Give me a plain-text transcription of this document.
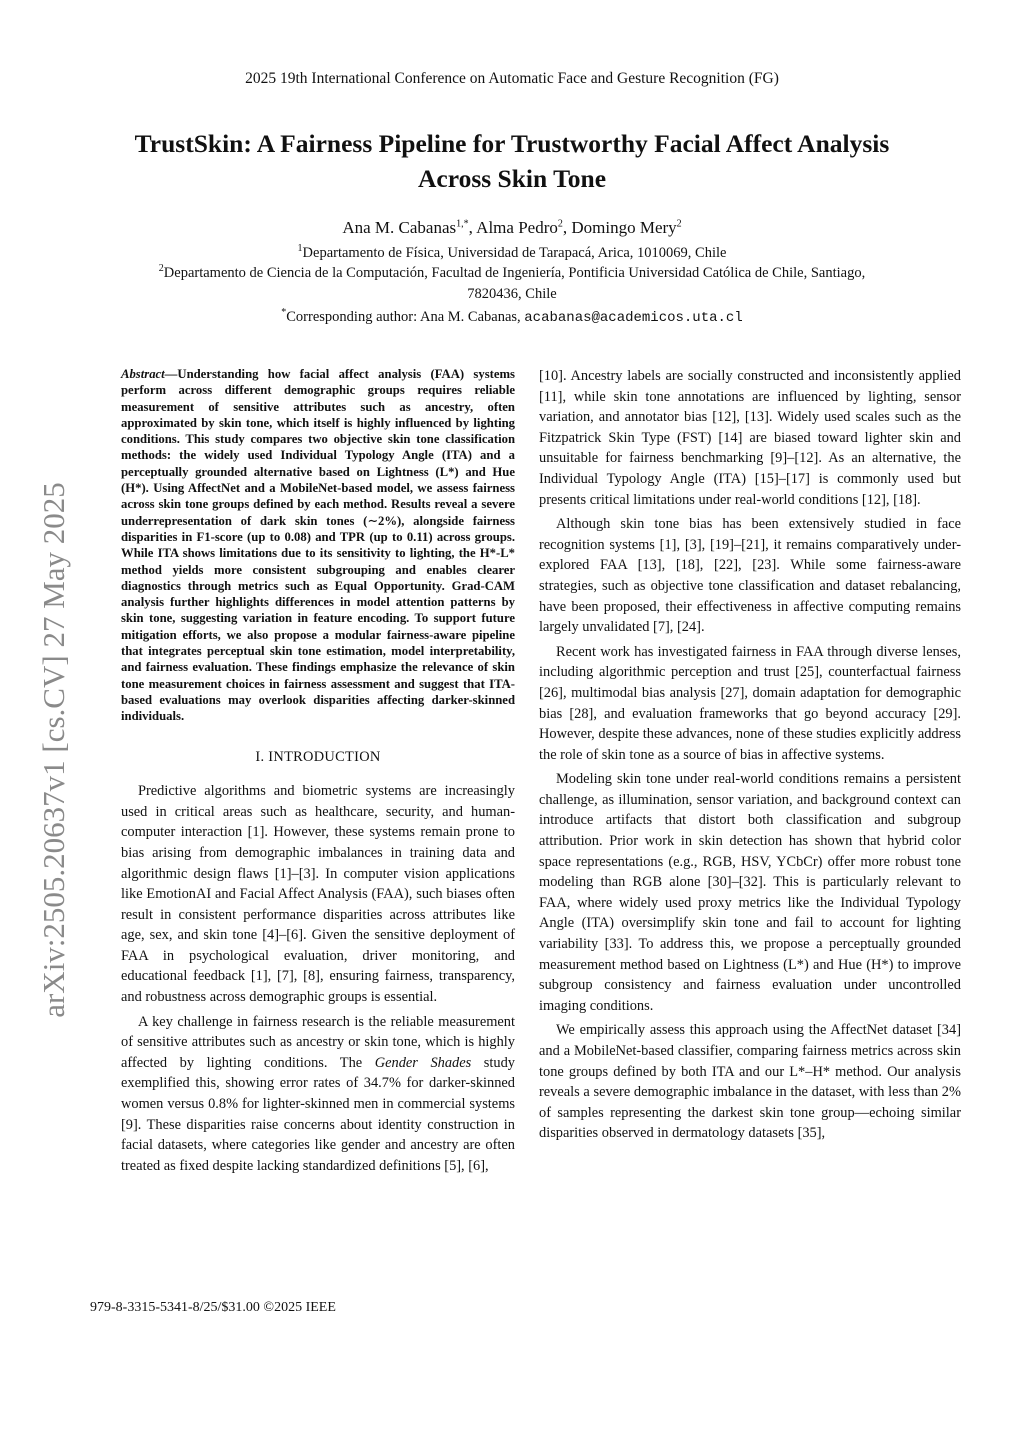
2025 19th International Conference on Automatic Face and Gesture Recognition (FG)
TrustSkin: A Fairness Pipeline for Trustworthy Facial Affect Analysis
Across Skin Tone
Ana M. Cabanas$^{1,*}$, Alma Pedro$^2$, Domingo Mery$^2$
$^1$Departamento de Física, Universidad de Tarapacá, Arica, 1010069, Chile
$^2$Departamento de Ciencia de la Computación, Facultad de Ingeniería, Pontificia Universidad Católica de Chile, Santiago, 7820436, Chile
*Corresponding author: Ana M. Cabanas, acabanas@academicos.uta.cl
arXiv:2505.20637v1 [cs.CV] 27 May 2025

Abstract—Understanding how facial affect analysis (FAA) systems perform across different demographic groups requires reliable measurement of sensitive attributes such as ancestry, often approximated by skin tone, which itself is highly influenced by lighting conditions. This study compares two objective skin tone classification methods: the widely used Individual Typology Angle (ITA) and a perceptually grounded alternative based on Lightness (L*) and Hue (H*). Using AffectNet and a MobileNet-based model, we assess fairness across skin tone groups defined by each method. Results reveal a severe underrepresentation of dark skin tones (∼2%), alongside fairness disparities in F1-score (up to 0.08) and TPR (up to 0.11) across groups. While ITA shows limitations due to its sensitivity to lighting, the H*-L* method yields more consistent subgrouping and enables clearer diagnostics through metrics such as Equal Opportunity. Grad-CAM analysis further highlights differences in model attention patterns by skin tone, suggesting variation in feature encoding. To support future mitigation efforts, we also propose a modular fairness-aware pipeline that integrates perceptual skin tone estimation, model interpretability, and fairness evaluation. These findings emphasize the relevance of skin tone measurement choices in fairness assessment and suggest that ITA-based evaluations may overlook disparities affecting darker-skinned individuals.

I. INTRODUCTION

Predictive algorithms and biometric systems are increasingly used in critical areas such as healthcare, security, and human-computer interaction [1]. However, these systems remain prone to bias arising from demographic imbalances in training data and algorithmic design flaws [1]–[3]. In computer vision applications like EmotionAI and Facial Affect Analysis (FAA), such biases often result in consistent performance disparities across attributes like age, sex, and skin tone [4]–[6]. Given the sensitive deployment of FAA in psychological evaluation, driver monitoring, and educational feedback [1], [7], [8], ensuring fairness, transparency, and robustness across demographic groups is essential.

A key challenge in fairness research is the reliable measurement of sensitive attributes such as ancestry or skin tone, which is highly affected by lighting conditions. The Gender Shades study exemplified this, showing error rates of 34.7% for darker-skinned women versus 0.8% for lighter-skinned men in commercial systems [9]. These disparities raise concerns about identity construction in facial datasets, where categories like gender and ancestry are often treated as fixed despite lacking standardized definitions [5], [6],

[10]. Ancestry labels are socially constructed and inconsistently applied [11], while skin tone annotations are influenced by lighting, sensor variation, and annotator bias [12], [13]. Widely used scales such as the Fitzpatrick Skin Type (FST) [14] are biased toward lighter skin and unsuitable for fairness benchmarking [9]–[12]. As an alternative, the Individual Typology Angle (ITA) [15]–[17] is commonly used but presents critical limitations under real-world conditions [12], [18].

Although skin tone bias has been extensively studied in face recognition systems [1], [3], [19]–[21], it remains comparatively under-explored FAA [13], [18], [22], [23]. While some fairness-aware strategies, such as objective tone classification and dataset rebalancing, have been proposed, their effectiveness in affective computing remains largely unvalidated [7], [24].

Recent work has investigated fairness in FAA through diverse lenses, including algorithmic perception and trust [25], counterfactual fairness [26], multimodal bias analysis [27], domain adaptation for demographic bias [28], and evaluation frameworks that go beyond accuracy [29]. However, despite these advances, none of these studies explicitly address the role of skin tone as a source of bias in affective systems.

Modeling skin tone under real-world conditions remains a persistent challenge, as illumination, sensor variation, and background context can introduce artifacts that distort both classification and subgroup attribution. Prior work in skin detection has shown that hybrid color space representations (e.g., RGB, HSV, YCbCr) offer more robust tone modeling than RGB alone [30]–[32]. This is particularly relevant to FAA, where widely used proxy metrics like the Individual Typology Angle (ITA) oversimplify skin tone and fail to account for lighting variability [33]. To address this, we propose a perceptually grounded measurement method based on Lightness (L*) and Hue (H*) to improve subgroup consistency and fairness evaluation under uncontrolled imaging conditions.

We empirically assess this approach using the AffectNet dataset [34] and a MobileNet-based classifier, comparing fairness metrics across skin tone groups defined by both ITA and our L*–H* method. Our analysis reveals a severe demographic imbalance in the dataset, with less than 2% of samples representing the darkest skin tone group—echoing similar disparities observed in dermatology datasets [35],

979-8-3315-5341-8/25/$31.00 ©2025 IEEE
